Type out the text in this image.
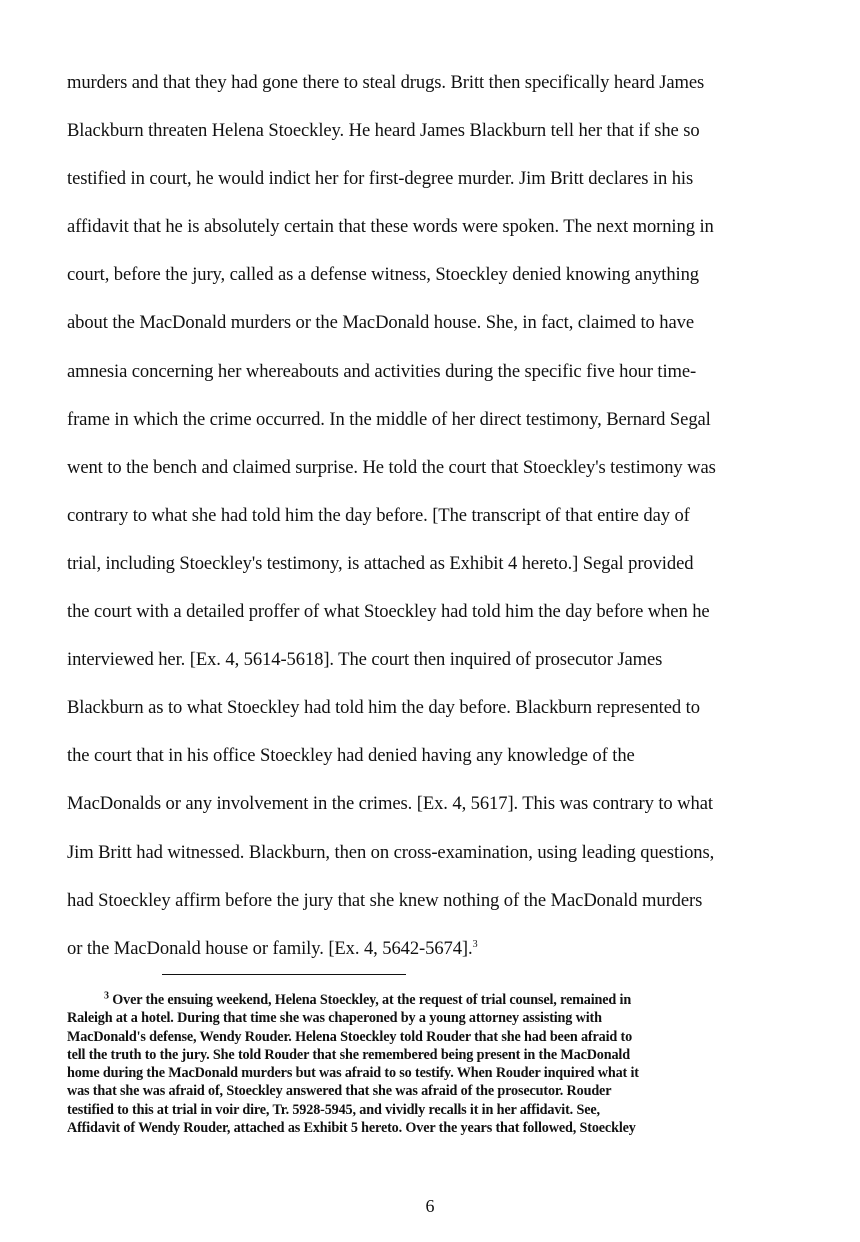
murders and that they had gone there to steal drugs. Britt then specifically heard James
Blackburn threaten Helena Stoeckley. He heard James Blackburn tell her that if she so
testified in court, he would indict her for first-degree murder. Jim Britt declares in his
affidavit that he is absolutely certain that these words were spoken. The next morning in
court, before the jury, called as a defense witness, Stoeckley denied knowing anything
about the MacDonald murders or the MacDonald house. She, in fact, claimed to have
amnesia concerning her whereabouts and activities during the specific five hour time-
frame in which the crime occurred. In the middle of her direct testimony, Bernard Segal
went to the bench and claimed surprise. He told the court that Stoeckley's testimony was
contrary to what she had told him the day before. [The transcript of that entire day of
trial, including Stoeckley's testimony, is attached as Exhibit 4 hereto.] Segal provided
the court with a detailed proffer of what Stoeckley had told him the day before when he
interviewed her. [Ex. 4, 5614-5618]. The court then inquired of prosecutor James
Blackburn as to what Stoeckley had told him the day before. Blackburn represented to
the court that in his office Stoeckley had denied having any knowledge of the
MacDonalds or any involvement in the crimes. [Ex. 4, 5617]. This was contrary to what
Jim Britt had witnessed. Blackburn, then on cross-examination, using leading questions,
had Stoeckley affirm before the jury that she knew nothing of the MacDonald murders
or the MacDonald house or family. [Ex. 4, 5642-5674].$^3$
$^3$ Over the ensuing weekend, Helena Stoeckley, at the request of trial counsel, remained in
Raleigh at a hotel. During that time she was chaperoned by a young attorney assisting with
MacDonald's defense, Wendy Rouder. Helena Stoeckley told Rouder that she had been afraid to
tell the truth to the jury. She told Rouder that she remembered being present in the MacDonald
home during the MacDonald murders but was afraid to so testify. When Rouder inquired what it
was that she was afraid of, Stoeckley answered that she was afraid of the prosecutor. Rouder
testified to this at trial in voir dire, Tr. 5928-5945, and vividly recalls it in her affidavit. See,
Affidavit of Wendy Rouder, attached as Exhibit 5 hereto. Over the years that followed, Stoeckley
6
